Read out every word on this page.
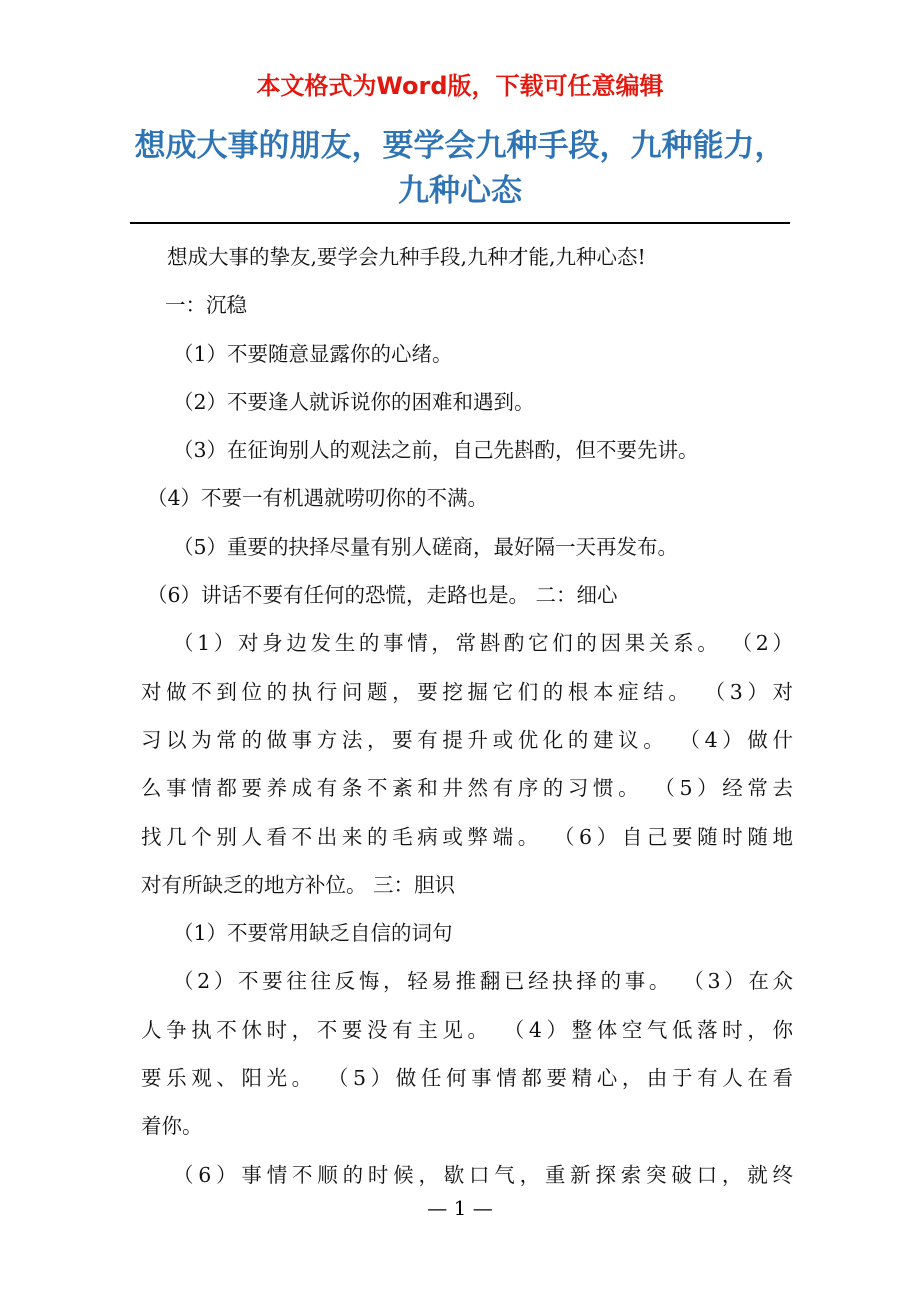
本文格式为Word版，下载可任意编辑
想成大事的朋友，要学会九种手段，九种能力，九种心态

想成大事的挚友,要学会九种手段,九种才能,九种心态!

一：沉稳

（1）不要随意显露你的心绪。

（2）不要逢人就诉说你的困难和遇到。

（3）在征询别人的观法之前，自己先斟酌，但不要先讲。

（4）不要一有机遇就唠叨你的不满。

（5）重要的抉择尽量有别人磋商，最好隔一天再发布。

（6）讲话不要有任何的恐慌，走路也是。 二：细心

（1）对身边发生的事情，常斟酌它们的因果关系。 （2）

对做不到位的执行问题，要挖掘它们的根本症结。 （3）对

习以为常的做事方法，要有提升或优化的建议。 （4）做什

么事情都要养成有条不紊和井然有序的习惯。 （5）经常去

找几个别人看不出来的毛病或弊端。 （6）自己要随时随地

对有所缺乏的地方补位。 三：胆识

（1）不要常用缺乏自信的词句

（2）不要往往反悔，轻易推翻已经抉择的事。 （3）在众

人争执不休时，不要没有主见。 （4）整体空气低落时，你

要乐观、阳光。 （5）做任何事情都要精心，由于有人在看

着你。

（6）事情不顺的时候，歇口气，重新探索突破口，就终

— 1 —
